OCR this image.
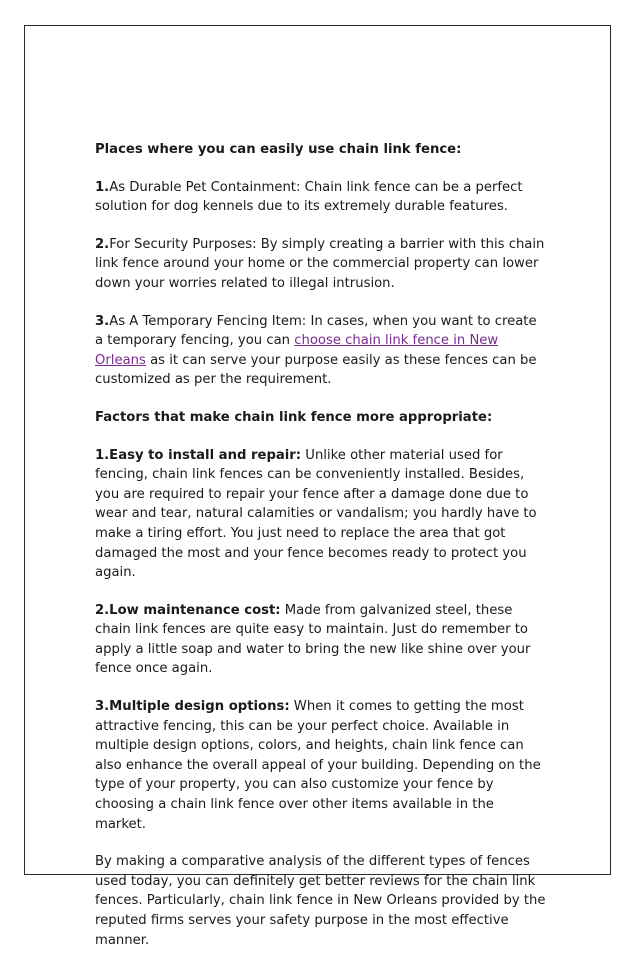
Places where you can easily use chain link fence:

1.As Durable Pet Containment: Chain link fence can be a perfect solution for dog kennels due to its extremely durable features.

2.For Security Purposes: By simply creating a barrier with this chain link fence around your home or the commercial property can lower down your worries related to illegal intrusion.

3.As A Temporary Fencing Item: In cases, when you want to create a temporary fencing, you can choose chain link fence in New Orleans as it can serve your purpose easily as these fences can be customized as per the requirement.

Factors that make chain link fence more appropriate:

1.Easy to install and repair: Unlike other material used for fencing, chain link fences can be conveniently installed. Besides, you are required to repair your fence after a damage done due to wear and tear, natural calamities or vandalism; you hardly have to make a tiring effort. You just need to replace the area that got damaged the most and your fence becomes ready to protect you again.

2.Low maintenance cost: Made from galvanized steel, these chain link fences are quite easy to maintain. Just do remember to apply a little soap and water to bring the new like shine over your fence once again.

3.Multiple design options: When it comes to getting the most attractive fencing, this can be your perfect choice. Available in multiple design options, colors, and heights, chain link fence can also enhance the overall appeal of your building. Depending on the type of your property, you can also customize your fence by choosing a chain link fence over other items available in the market.

By making a comparative analysis of the different types of fences used today, you can definitely get better reviews for the chain link fences. Particularly, chain link fence in New Orleans provided by the reputed firms serves your safety purpose in the most effective manner.
